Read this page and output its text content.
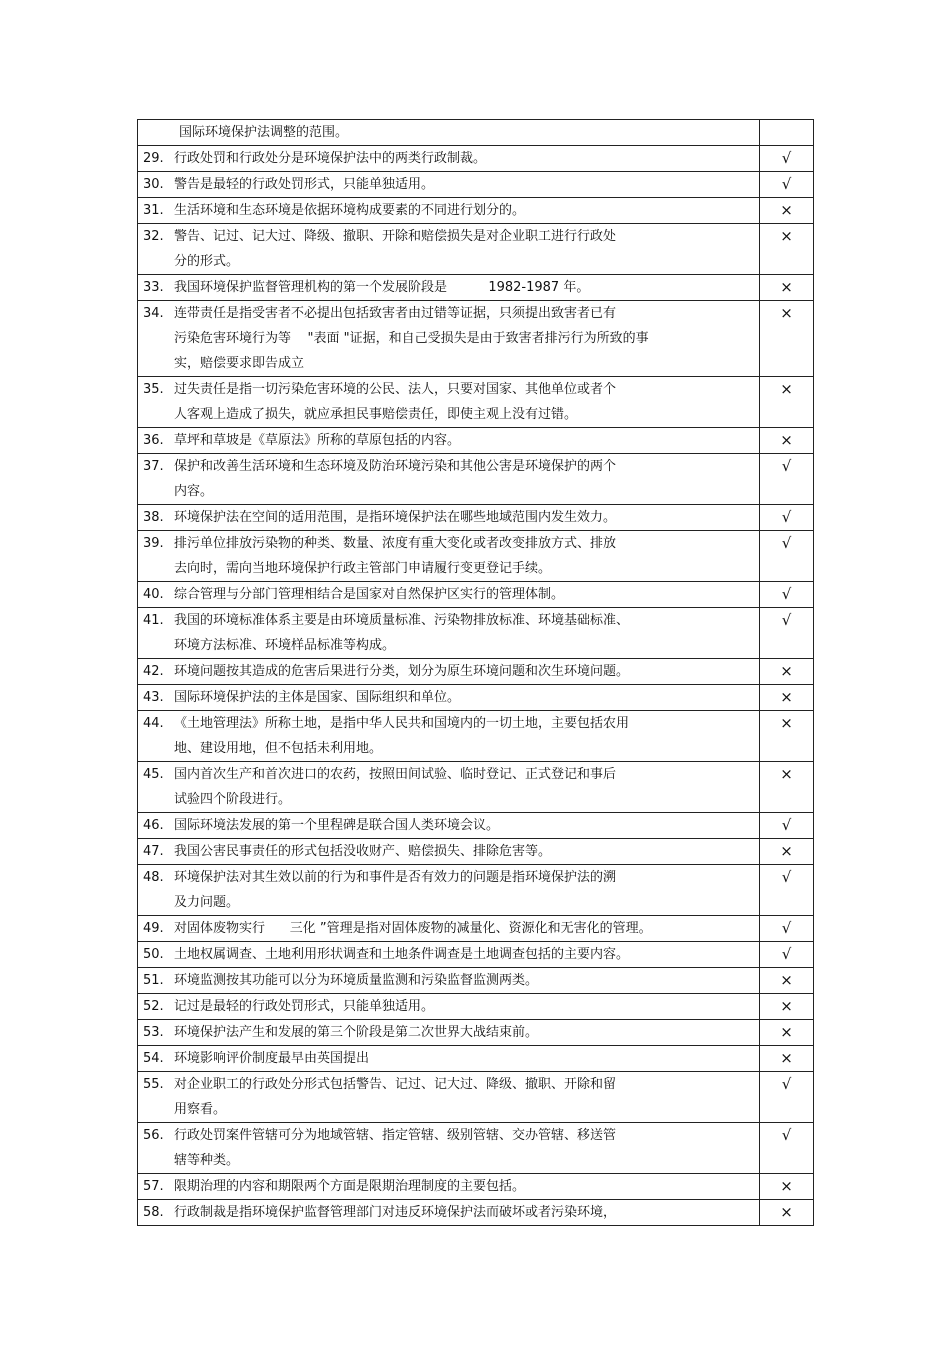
国际环境保护法调整的范围。	

29. 行政处罚和行政处分是环境保护法中的两类行政制裁。	√

30. 警告是最轻的行政处罚形式，只能单独适用。	√

31. 生活环境和生态环境是依据环境构成要素的不同进行划分的。	×

32. 警告、记过、记大过、降级、撤职、开除和赔偿损失是对企业职工进行行政处
分的形式。	×

33. 我国环境保护监督管理机构的第一个发展阶段是          1982-1987 年。	×

34. 连带责任是指受害者不必提出包括致害者由过错等证据，只须提出致害者已有
污染危害环境行为等    "表面 "证据，和自己受损失是由于致害者排污行为所致的事
实，赔偿要求即告成立	×

35. 过失责任是指一切污染危害环境的公民、法人，只要对国家、其他单位或者个
人客观上造成了损失，就应承担民事赔偿责任，即使主观上没有过错。	×

36. 草坪和草坡是《草原法》所称的草原包括的内容。	×

37. 保护和改善生活环境和生态环境及防治环境污染和其他公害是环境保护的两个
内容。	√

38. 环境保护法在空间的适用范围，是指环境保护法在哪些地域范围内发生效力。	√

39. 排污单位排放污染物的种类、数量、浓度有重大变化或者改变排放方式、排放
去向时，需向当地环境保护行政主管部门申请履行变更登记手续。	√

40. 综合管理与分部门管理相结合是国家对自然保护区实行的管理体制。	√

41. 我国的环境标准体系主要是由环境质量标准、污染物排放标准、环境基础标准、
环境方法标准、环境样品标准等构成。	√

42. 环境问题按其造成的危害后果进行分类，划分为原生环境问题和次生环境问题。	×

43. 国际环境保护法的主体是国家、国际组织和单位。	×

44. 《土地管理法》所称土地，是指中华人民共和国境内的一切土地，主要包括农用
地、建设用地，但不包括未利用地。	×

45. 国内首次生产和首次进口的农药，按照田间试验、临时登记、正式登记和事后
试验四个阶段进行。	×

46. 国际环境法发展的第一个里程碑是联合国人类环境会议。	√

47. 我国公害民事责任的形式包括没收财产、赔偿损失、排除危害等。	×

48. 环境保护法对其生效以前的行为和事件是否有效力的问题是指环境保护法的溯
及力问题。	√

49. 对固体废物实行      三化 ”管理是指对固体废物的减量化、资源化和无害化的管理。	√

50. 土地权属调查、土地利用形状调查和土地条件调查是土地调查包括的主要内容。	√

51. 环境监测按其功能可以分为环境质量监测和污染监督监测两类。	×

52. 记过是最轻的行政处罚形式，只能单独适用。	×

53. 环境保护法产生和发展的第三个阶段是第二次世界大战结束前。	×

54. 环境影响评价制度最早由英国提出	×

55. 对企业职工的行政处分形式包括警告、记过、记大过、降级、撤职、开除和留
用察看。	√

56. 行政处罚案件管辖可分为地域管辖、指定管辖、级别管辖、交办管辖、移送管
辖等种类。	√

57. 限期治理的内容和期限两个方面是限期治理制度的主要包括。	×

58. 行政制裁是指环境保护监督管理部门对违反环境保护法而破坏或者污染环境，	×
